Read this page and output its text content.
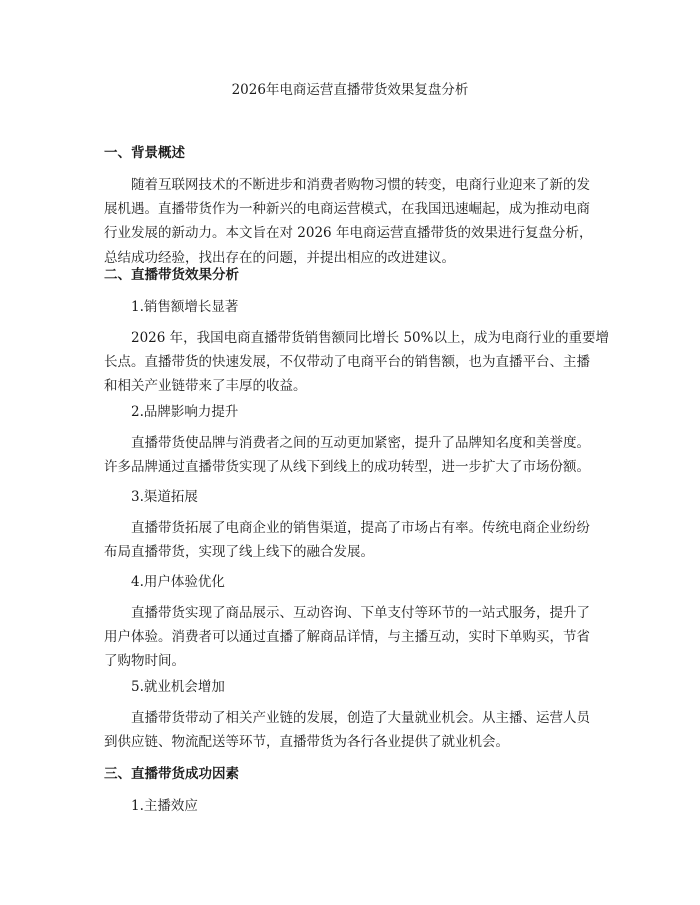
2026年电商运营直播带货效果复盘分析
一、背景概述
随着互联网技术的不断进步和消费者购物习惯的转变，电商行业迎来了新的发
展机遇。直播带货作为一种新兴的电商运营模式，在我国迅速崛起，成为推动电商
行业发展的新动力。本文旨在对 2026 年电商运营直播带货的效果进行复盘分析，
总结成功经验，找出存在的问题，并提出相应的改进建议。
二、直播带货效果分析
1.销售额增长显著
2026 年，我国电商直播带货销售额同比增长 50%以上，成为电商行业的重要增
长点。直播带货的快速发展，不仅带动了电商平台的销售额，也为直播平台、主播
和相关产业链带来了丰厚的收益。
2.品牌影响力提升
直播带货使品牌与消费者之间的互动更加紧密，提升了品牌知名度和美誉度。
许多品牌通过直播带货实现了从线下到线上的成功转型，进一步扩大了市场份额。
3.渠道拓展
直播带货拓展了电商企业的销售渠道，提高了市场占有率。传统电商企业纷纷
布局直播带货，实现了线上线下的融合发展。
4.用户体验优化
直播带货实现了商品展示、互动咨询、下单支付等环节的一站式服务，提升了
用户体验。消费者可以通过直播了解商品详情，与主播互动，实时下单购买，节省
了购物时间。
5.就业机会增加
直播带货带动了相关产业链的发展，创造了大量就业机会。从主播、运营人员
到供应链、物流配送等环节，直播带货为各行各业提供了就业机会。
三、直播带货成功因素
1.主播效应
